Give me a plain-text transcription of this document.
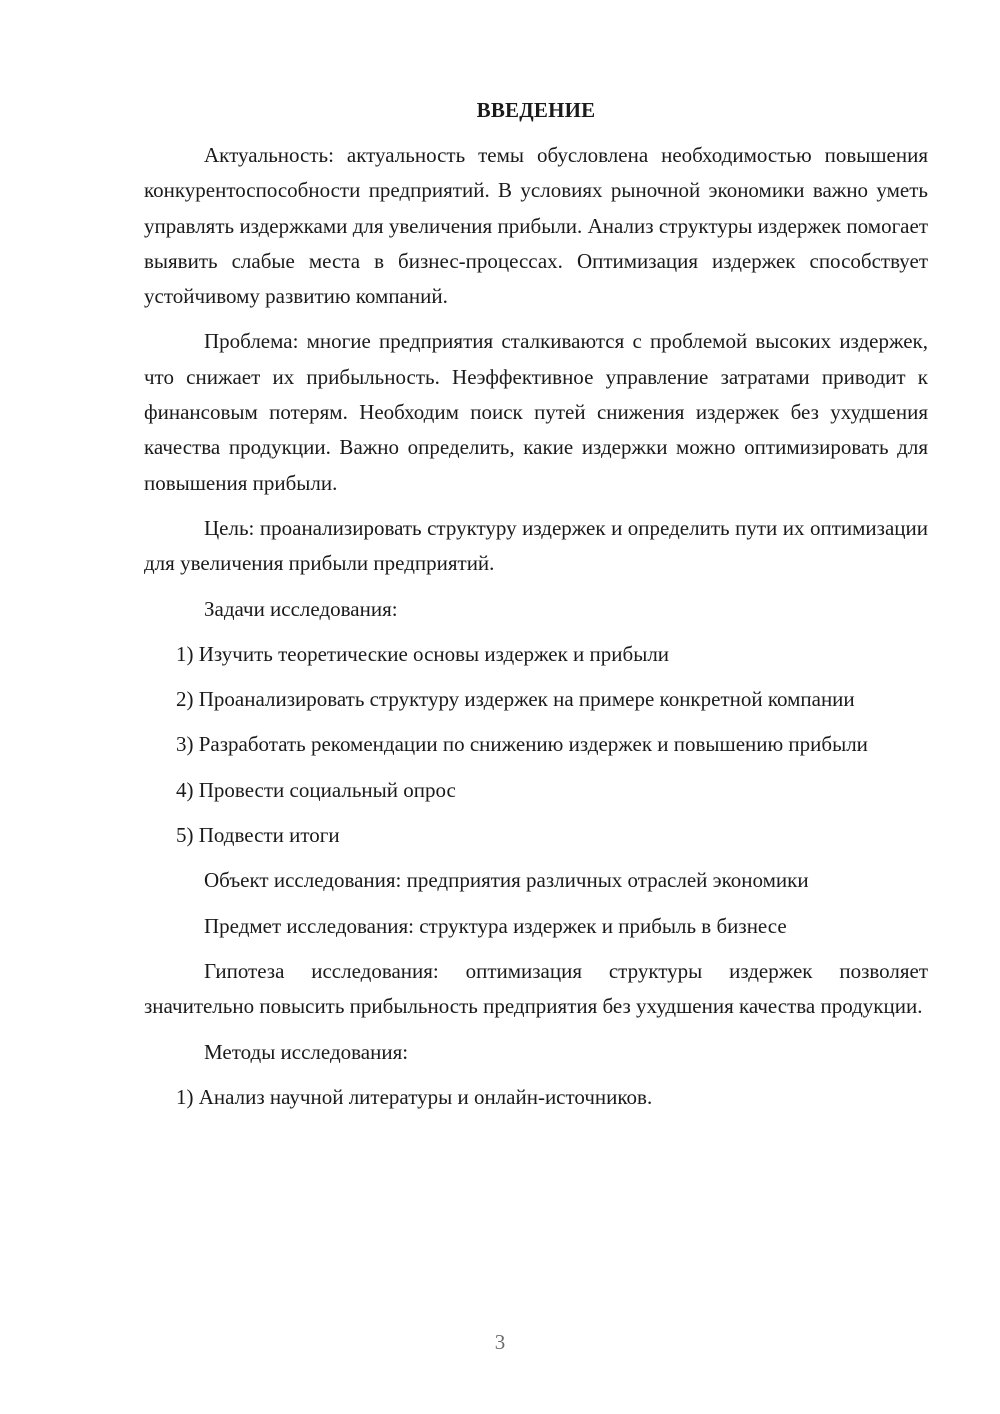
ВВЕДЕНИЕ

Актуальность: актуальность темы обусловлена необходимостью повышения конкурентоспособности предприятий. В условиях рыночной экономики важно уметь управлять издержками для увеличения прибыли. Анализ структуры издержек помогает выявить слабые места в бизнес-процессах. Оптимизация издержек способствует устойчивому развитию компаний.

Проблема: многие предприятия сталкиваются с проблемой высоких издержек, что снижает их прибыльность. Неэффективное управление затратами приводит к финансовым потерям. Необходим поиск путей снижения издержек без ухудшения качества продукции. Важно определить, какие издержки можно оптимизировать для повышения прибыли.

Цель: проанализировать структуру издержек и определить пути их оптимизации для увеличения прибыли предприятий.

Задачи исследования:

1) Изучить теоретические основы издержек и прибыли

2) Проанализировать структуру издержек на примере конкретной компании

3) Разработать рекомендации по снижению издержек и повышению прибыли

4) Провести социальный опрос

5) Подвести итоги

Объект исследования: предприятия различных отраслей экономики

Предмет исследования: структура издержек и прибыль в бизнесе

Гипотеза исследования: оптимизация структуры издержек позволяет значительно повысить прибыльность предприятия без ухудшения качества продукции.

Методы исследования:

1) Анализ научной литературы и онлайн-источников.

3
